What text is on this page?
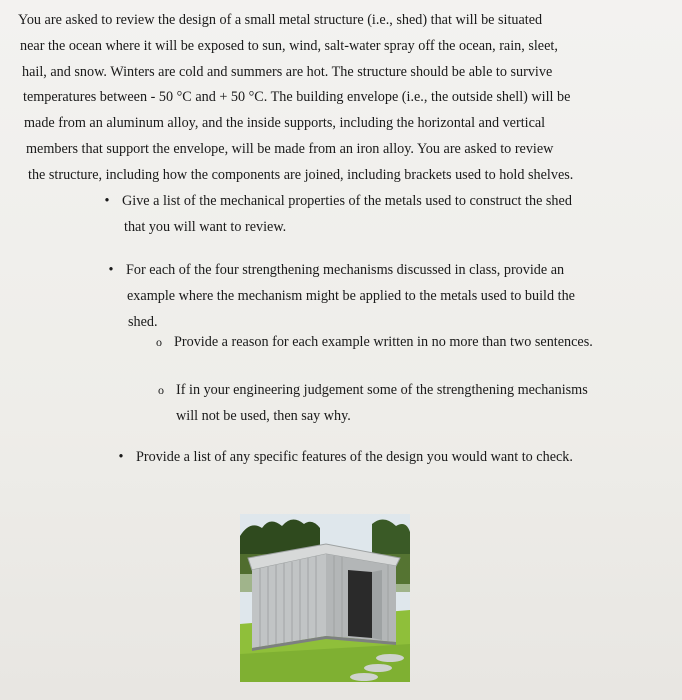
You are asked to review the design of a small metal structure (i.e., shed) that will be situated
near the ocean where it will be exposed to sun, wind, salt-water spray off the ocean, rain, sleet,
hail, and snow. Winters are cold and summers are hot. The structure should be able to survive
temperatures between - 50 °C and + 50 °C. The building envelope (i.e., the outside shell) will be
made from an aluminum alloy, and the inside supports, including the horizontal and vertical
members that support the envelope, will be made from an iron alloy. You are asked to review
the structure, including how the components are joined, including brackets used to hold shelves.

• Give a list of the mechanical properties of the metals used to construct the shed
that you will want to review.
• For each of the four strengthening mechanisms discussed in class, provide an
example where the mechanism might be applied to the metals used to build the
shed.
o Provide a reason for each example written in no more than two sentences.
o If in your engineering judgement some of the strengthening mechanisms
will not be used, then say why.
• Provide a list of any specific features of the design you would want to check.
